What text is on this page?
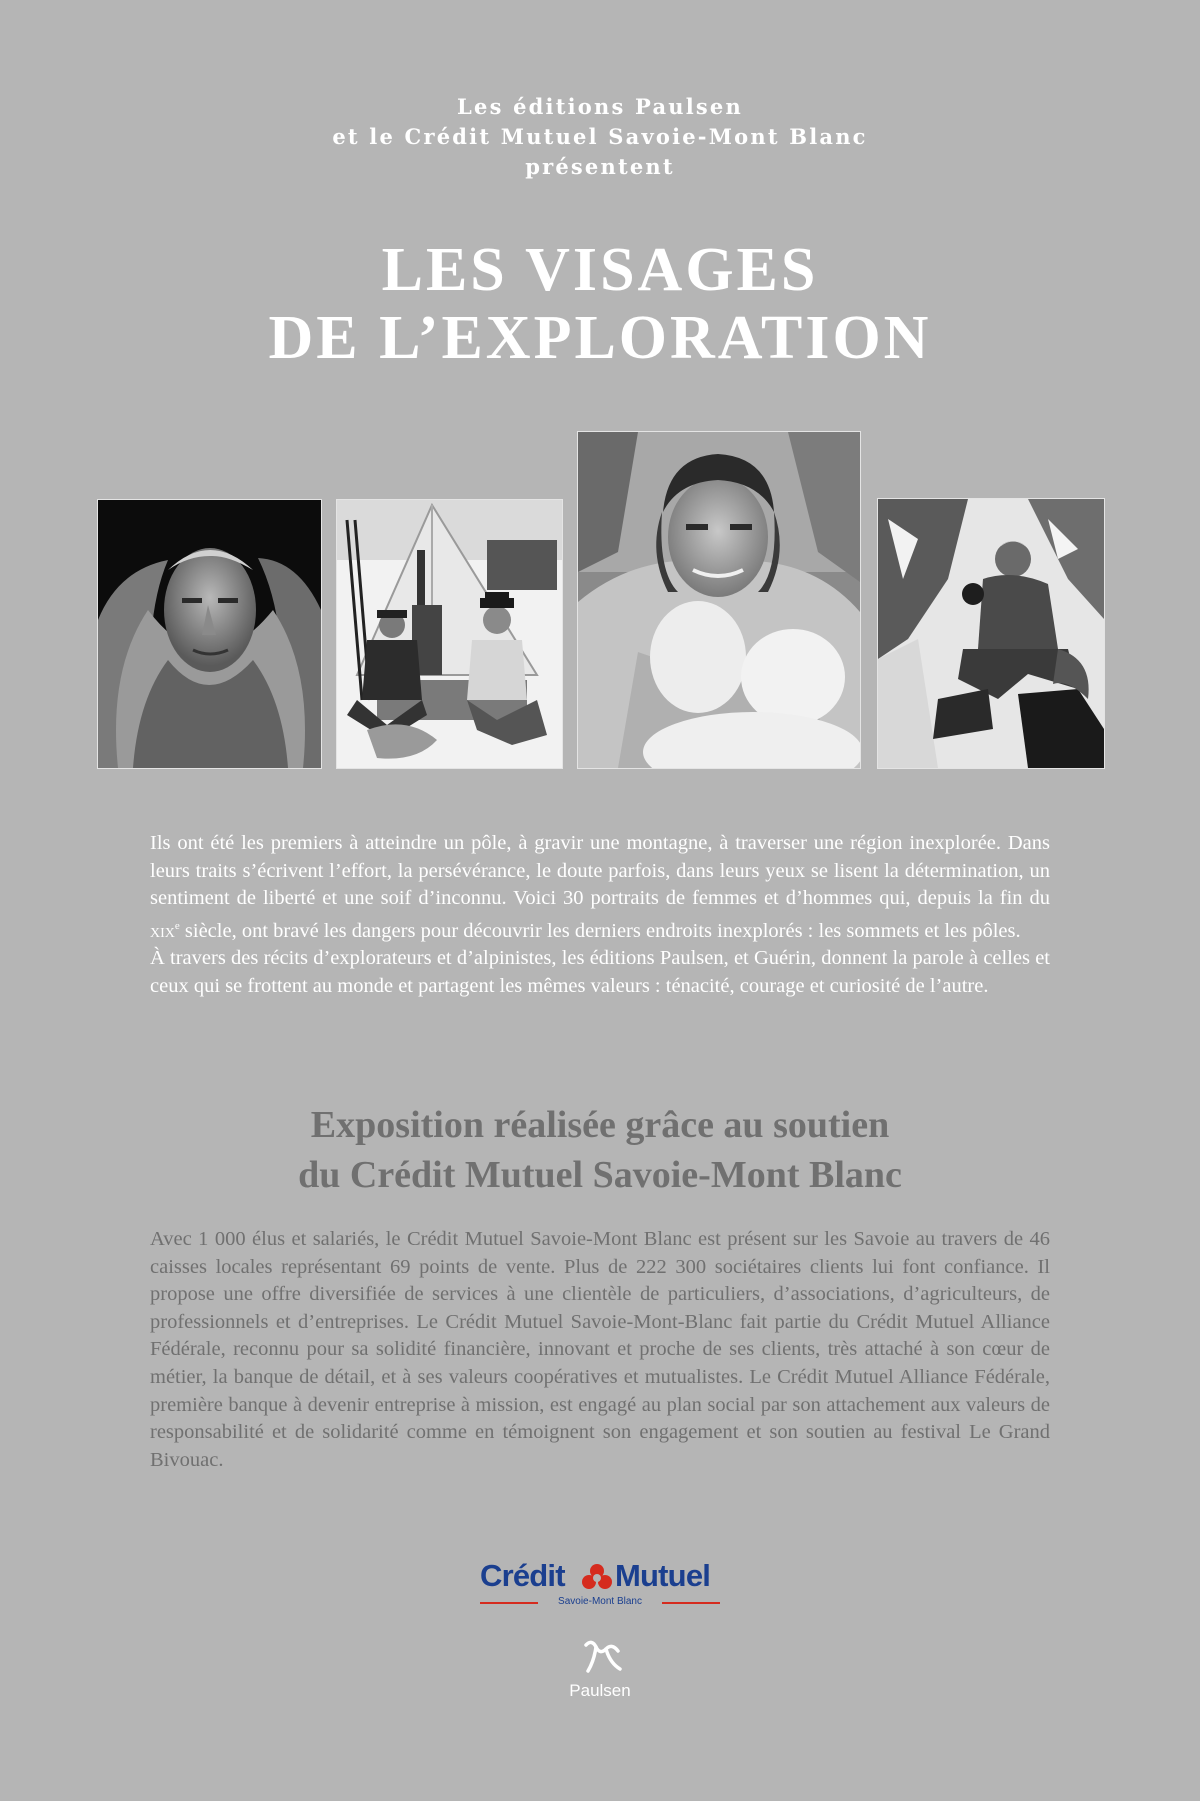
Les éditions Paulsen
et le Crédit Mutuel Savoie-Mont Blanc
présentent
LES VISAGES
DE L’EXPLORATION

Ils ont été les premiers à atteindre un pôle, à gravir une montagne, à traverser une région inexplorée. Dans leurs traits s’écrivent l’effort, la persévérance, le doute parfois, dans leurs yeux se lisent la détermination, un sentiment de liberté et une soif d’inconnu. Voici 30 portraits de femmes et d’hommes qui, depuis la fin du xix$^e$ siècle, ont bravé les dangers pour découvrir les derniers endroits inexplorés : les sommets et les pôles.

À travers des récits d’explorateurs et d’alpinistes, les éditions Paulsen, et Guérin, donnent la parole à celles et ceux qui se frottent au monde et partagent les mêmes valeurs : ténacité, courage et curiosité de l’autre.

Exposition réalisée grâce au soutien
du Crédit Mutuel Savoie-Mont Blanc

Avec 1 000 élus et salariés, le Crédit Mutuel Savoie-Mont Blanc est présent sur les Savoie au travers de 46 caisses locales représentant 69 points de vente. Plus de 222 300 sociétaires clients lui font confiance. Il propose une offre diversifiée de services à une clientèle de particuliers, d’associations, d’agriculteurs, de professionnels et d’entreprises. Le Crédit Mutuel Savoie-Mont-Blanc fait partie du Crédit Mutuel Alliance Fédérale, reconnu pour sa solidité financière, innovant et proche de ses clients, très attaché à son cœur de métier, la banque de détail, et à ses valeurs coopératives et mutualistes. Le Crédit Mutuel Alliance Fédérale, première banque à devenir entreprise à mission, est engagé au plan social par son attachement aux valeurs de responsabilité et de solidarité comme en témoignent son engagement et son soutien au festival Le Grand Bivouac.

Crédit Mutuel
Savoie-Mont Blanc
Paulsen
